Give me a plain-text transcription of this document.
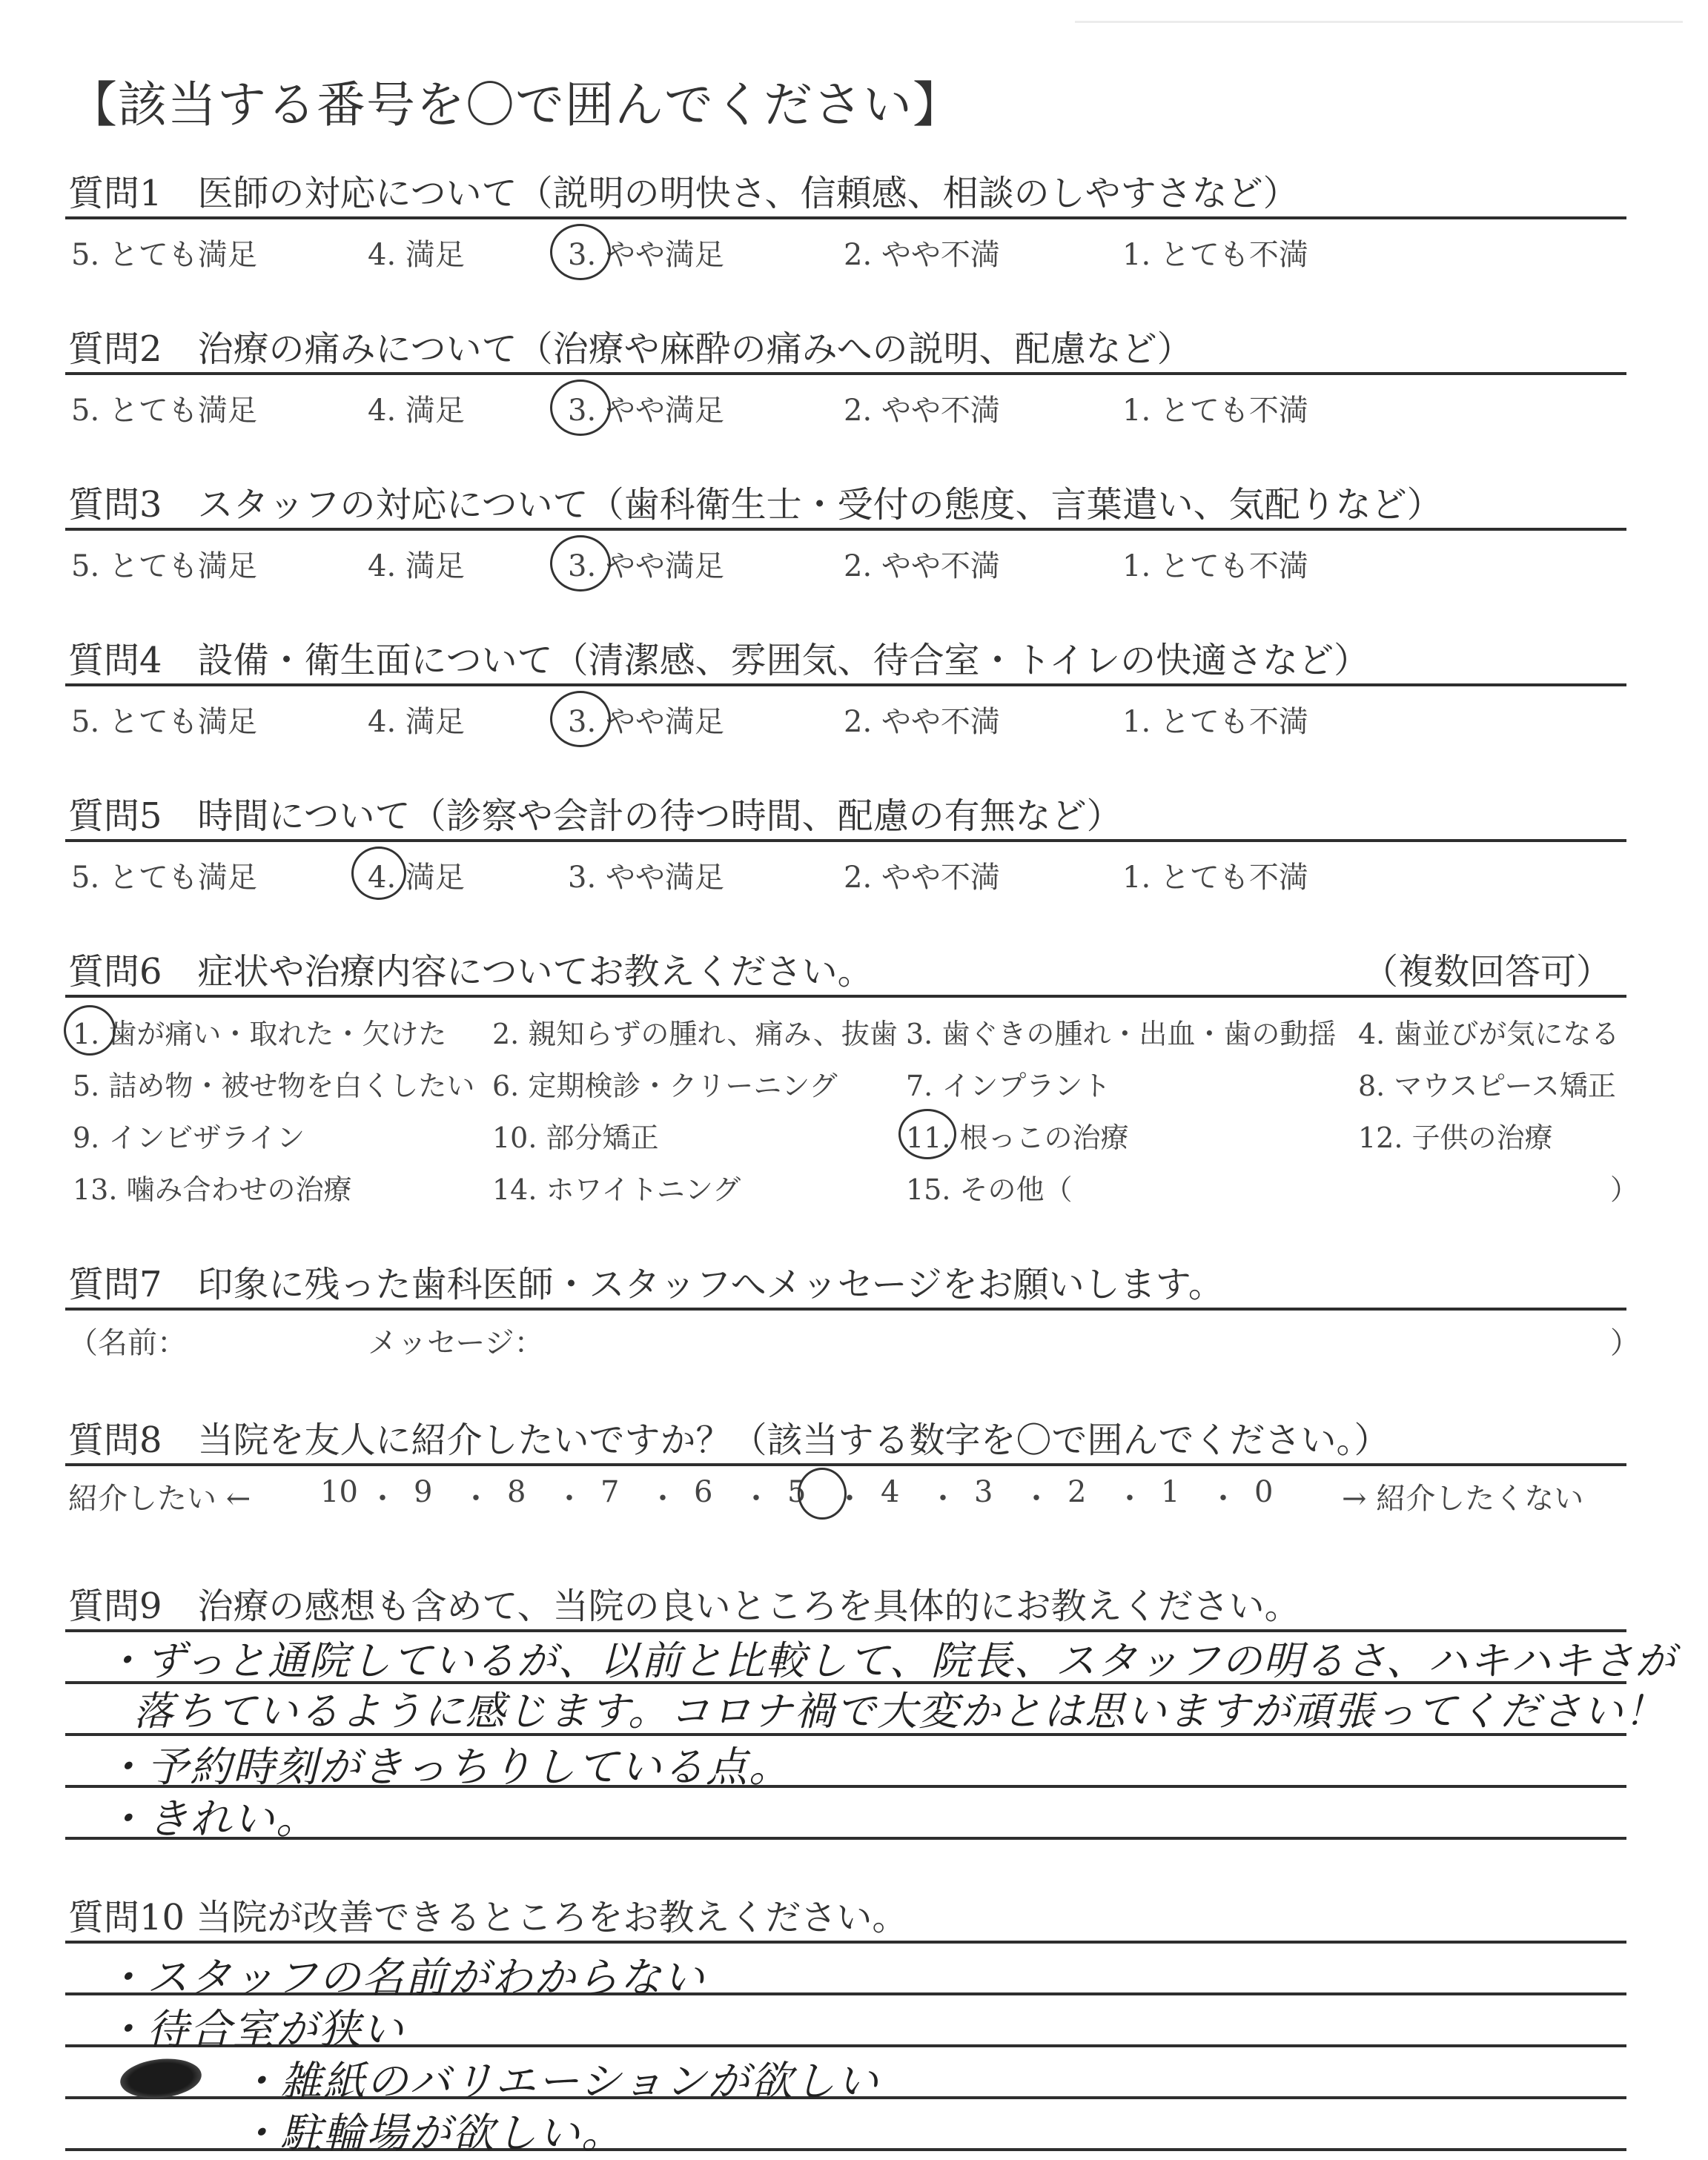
【該当する番号を〇で囲んでください】
質問1　医師の対応について（説明の明快さ、信頼感、相談のしやすさなど）
5. とても満足	4. 満足	3. やや満足	2. やや不満	1. とても不満
質問2　治療の痛みについて（治療や麻酔の痛みへの説明、配慮など）
5. とても満足	4. 満足	3. やや満足	2. やや不満	1. とても不満
質問3　スタッフの対応について（歯科衛生士・受付の態度、言葉遣い、気配りなど）
5. とても満足	4. 満足	3. やや満足	2. やや不満	1. とても不満
質問4　設備・衛生面について（清潔感、雰囲気、待合室・トイレの快適さなど）
5. とても満足	4. 満足	3. やや満足	2. やや不満	1. とても不満
質問5　時間について（診察や会計の待つ時間、配慮の有無など）
5. とても満足	4. 満足	3. やや満足	2. やや不満	1. とても不満
質問6　症状や治療内容についてお教えください。	（複数回答可）
1. 歯が痛い・取れた・欠けた 2. 親知らずの腫れ、痛み、抜歯 3. 歯ぐきの腫れ・出血・歯の動揺 4. 歯並びが気になる
5. 詰め物・被せ物を白くしたい 6. 定期検診・クリーニング 7. インプラント	8. マウスピース矯正
9. インビザライン	10. 部分矯正	11. 根っこの治療	12. 子供の治療
13. 噛み合わせの治療	14. ホワイトニング	15. その他（	）
質問7　印象に残った歯科医師・スタッフへメッセージをお願いします。
（名前：	メッセージ：	）
質問8　当院を友人に紹介したいですか？（該当する数字を〇で囲んでください。）
紹介したい ← 10 ・ 9 ・ 8 ・ 7 ・ 6 ・ 5 ・ 4 ・ 3 ・ 2 ・ 1 ・ 0 → 紹介したくない
質問9　治療の感想も含めて、当院の良いところを具体的にお教えください。
・ずっと通院しているが、以前と比較して、院長、スタッフの明るさ、ハキハキさが
落ちているように感じます。コロナ禍で大変かとは思いますが頑張ってください！
・予約時刻がきっちりしている点。
・きれい。
質問10 当院が改善できるところをお教えください。
・スタッフの名前がわからない
・待合室が狭い
・雑紙のバリエーションが欲しい
・駐輪場が欲しい。
